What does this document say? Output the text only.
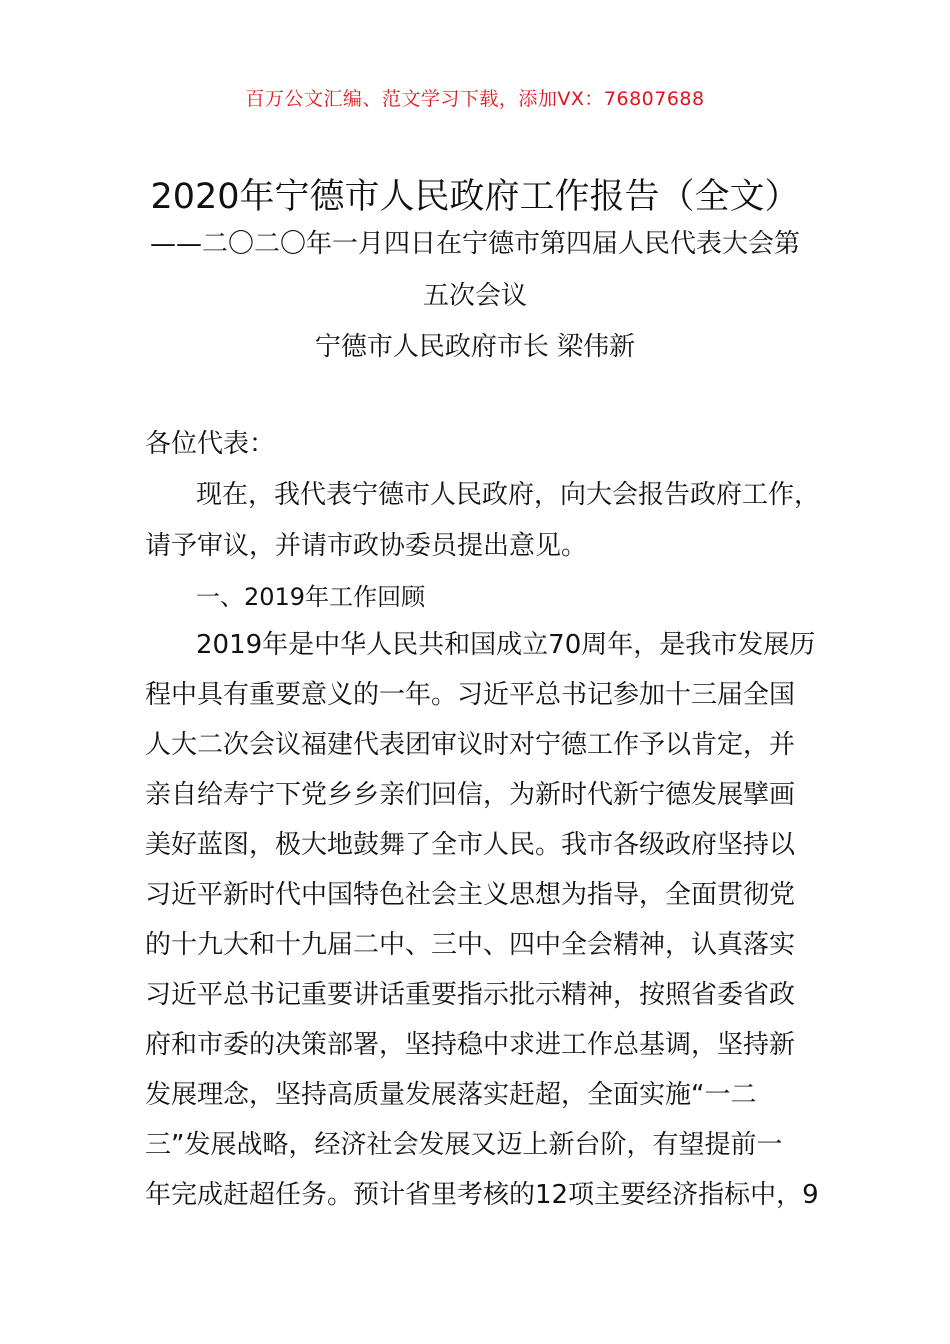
百万公文汇编、范文学习下载，添加VX：76807688
2020年宁德市人民政府工作报告（全文）
——二〇二〇年一月四日在宁德市第四届人民代表大会第
五次会议
宁德市人民政府市长 梁伟新
各位代表：
现在，我代表宁德市人民政府，向大会报告政府工作，
请予审议，并请市政协委员提出意见。
一、2019年工作回顾
2019年是中华人民共和国成立70周年，是我市发展历
程中具有重要意义的一年。习近平总书记参加十三届全国
人大二次会议福建代表团审议时对宁德工作予以肯定，并
亲自给寿宁下党乡乡亲们回信，为新时代新宁德发展擘画
美好蓝图，极大地鼓舞了全市人民。我市各级政府坚持以
习近平新时代中国特色社会主义思想为指导，全面贯彻党
的十九大和十九届二中、三中、四中全会精神，认真落实
习近平总书记重要讲话重要指示批示精神，按照省委省政
府和市委的决策部署，坚持稳中求进工作总基调，坚持新
发展理念，坚持高质量发展落实赶超，全面实施“一二
三”发展战略，经济社会发展又迈上新台阶，有望提前一
年完成赶超任务。预计省里考核的12项主要经济指标中，9
